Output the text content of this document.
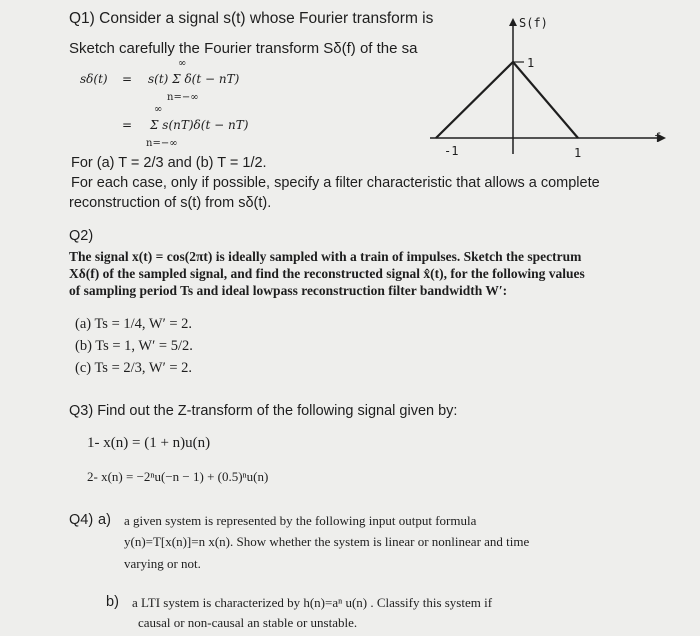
Q1) Consider a signal s(t) whose Fourier transform is
Sketch carefully the Fourier transform Sδ(f) of the sa
sδ(t) =
∞
s(t) Σ δ(t − nT)
n=−∞
∞
= Σ s(nT)δ(t − nT)
n=−∞
S(f)
1
f
-1	1
For (a) T = 2/3 and (b) T = 1/2.
For each case, only if possible, specify a filter characteristic that allows a complete
reconstruction of s(t) from sδ(t).
Q2)
The signal x(t) = cos(2πt) is ideally sampled with a train of impulses. Sketch the spectrum
Xδ(f) of the sampled signal, and find the reconstructed signal x̂(t), for the following values
of sampling period Ts and ideal lowpass reconstruction filter bandwidth W′:
(a) Ts = 1/4, W′ = 2.
(b) Ts = 1, W′ = 5/2.
(c) Ts = 2/3, W′ = 2.
Q3) Find out the Z-transform of the following signal given by:
1- x(n) = (1 + n)u(n)
2- x(n) = −2ⁿu(−n − 1) + (0.5)ⁿu(n)
Q4) a) a given system is represented by the following input output formula
y(n)=T[x(n)]=n x(n). Show whether the system is linear or nonlinear and time
varying or not.
b) a LTI system is characterized by h(n)=aⁿ u(n) . Classify this system if
causal or non-causal an stable or unstable.
